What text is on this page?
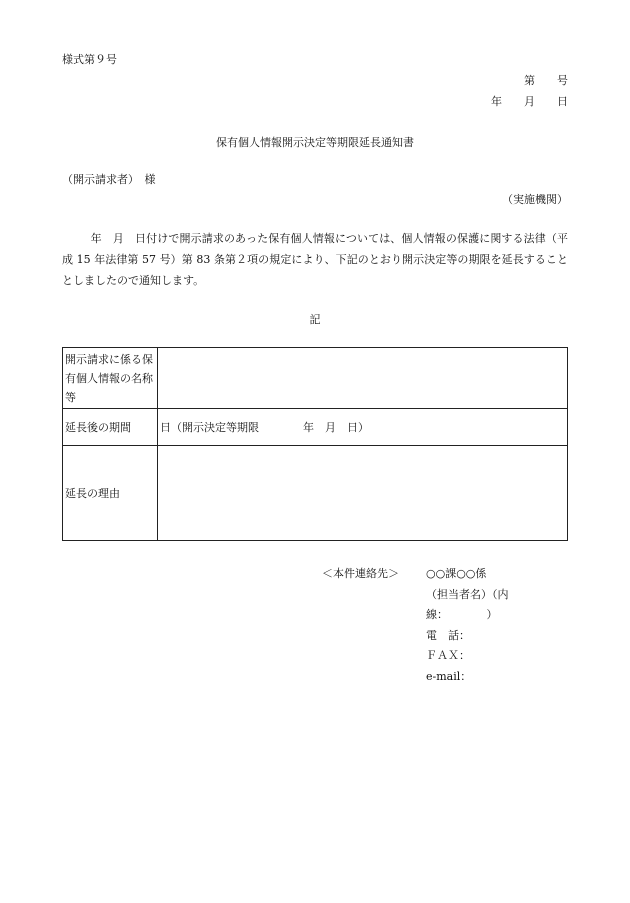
様式第９号
第　　号
年　　月　　日
保有個人情報開示決定等期限延長通知書
（開示請求者）　様
（実施機関）
年　月　日付けで開示請求のあった保有個人情報については、個人情報の保護に関する法律（平成 15 年法律第 57 号）第 83 条第２項の規定により、下記のとおり開示決定等の期限を延長することとしましたので通知します。
記
開示請求に係る保有個人情報の名称等	
延長後の期間	日（開示決定等期限　　　　年　月　日）
延長の理由	
＜本件連絡先＞	○○課○○係
（担当者名）（内線：　　　　）
電　話：
ＦＡＸ：
e-mail：
